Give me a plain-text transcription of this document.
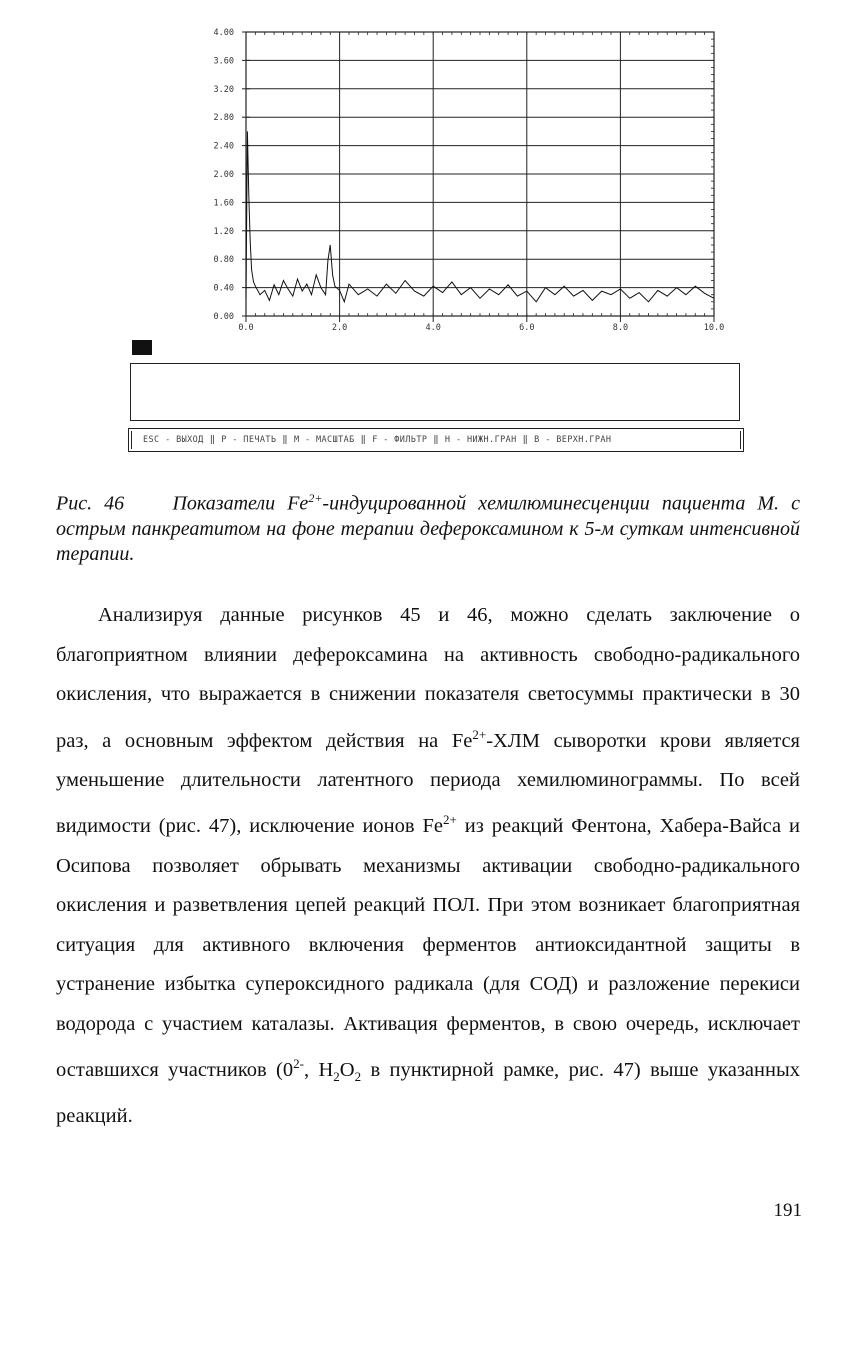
0.0	2.0	4.0	6.0	8.0	10.0
0.00
0.40
0.80
1.20
1.60
2.00
2.40
2.80
3.20
3.60
4.00
ESC - ВЫХОД ‖ P - ПЕЧАТЬ ‖ M - МАСШТАБ ‖ F - ФИЛЬТР ‖ H - НИЖН.ГРАН ‖ B - ВЕРХН.ГРАН
Рис. 46 Показатели $Fe^{2+}$-индуцированной хемилюминесценции пациента М. с острым панкреатитом на фоне терапии дефероксамином к 5-м суткам интенсивной терапии.

Анализируя данные рисунков 45 и 46, можно сделать заключение о благоприятном влиянии дефероксамина на активность свободно-радикального окисления, что выражается в снижении показателя светосуммы практически в 30 раз, а основным эффектом действия на $Fe^{2+}$-ХЛМ сыворотки крови является уменьшение длительности латентного периода хемилюминограммы. По всей видимости (рис. 47), исключение ионов $Fe^{2+}$ из реакций Фентона, Хабера-Вайса и Осипова позволяет обрывать механизмы активации свободно-радикального окисления и разветвления цепей реакций ПОЛ. При этом возникает благоприятная ситуация для активного включения ферментов антиоксидантной защиты в устранение избытка супероксидного радикала (для СОД) и разложение перекиси водорода с участием каталазы. Активация ферментов, в свою очередь, исключает оставшихся участников ($0^{2-}$, $H_2O_2$ в пунктирной рамке, рис. 47) выше указанных реакций.

191
